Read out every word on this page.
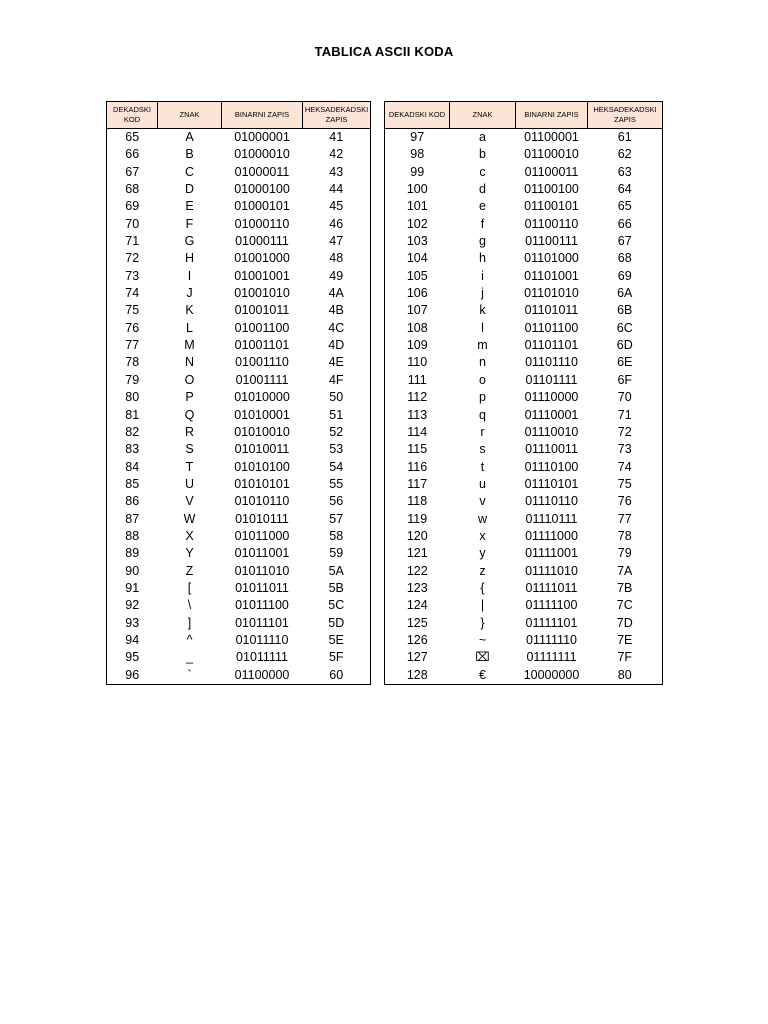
TABLICA ASCII KODA
DEKADSKI KOD	ZNAK	BINARNI ZAPIS	HEKSADEKADSKI ZAPIS
65	A	01000001	41
66	B	01000010	42
67	C	01000011	43
68	D	01000100	44
69	E	01000101	45
70	F	01000110	46
71	G	01000111	47
72	H	01001000	48
73	I	01001001	49
74	J	01001010	4A
75	K	01001011	4B
76	L	01001100	4C
77	M	01001101	4D
78	N	01001110	4E
79	O	01001111	4F
80	P	01010000	50
81	Q	01010001	51
82	R	01010010	52
83	S	01010011	53
84	T	01010100	54
85	U	01010101	55
86	V	01010110	56
87	W	01010111	57
88	X	01011000	58
89	Y	01011001	59
90	Z	01011010	5A
91	[	01011011	5B
92	\	01011100	5C
93	]	01011101	5D
94	^	01011110	5E
95	_	01011111	5F
96	`	01100000	60
DEKADSKI KOD	ZNAK	BINARNI ZAPIS	HEKSADEKADSKI ZAPIS
97	a	01100001	61
98	b	01100010	62
99	c	01100011	63
100	d	01100100	64
101	e	01100101	65
102	f	01100110	66
103	g	01100111	67
104	h	01101000	68
105	i	01101001	69
106	j	01101010	6A
107	k	01101011	6B
108	l	01101100	6C
109	m	01101101	6D
110	n	01101110	6E
111	o	01101111	6F
112	p	01110000	70
113	q	01110001	71
114	r	01110010	72
115	s	01110011	73
116	t	01110100	74
117	u	01110101	75
118	v	01110110	76
119	w	01110111	77
120	x	01111000	78
121	y	01111001	79
122	z	01111010	7A
123	{	01111011	7B
124	|	01111100	7C
125	}	01111101	7D
126	~	01111110	7E
127	⌧	01111111	7F
128	€	10000000	80
